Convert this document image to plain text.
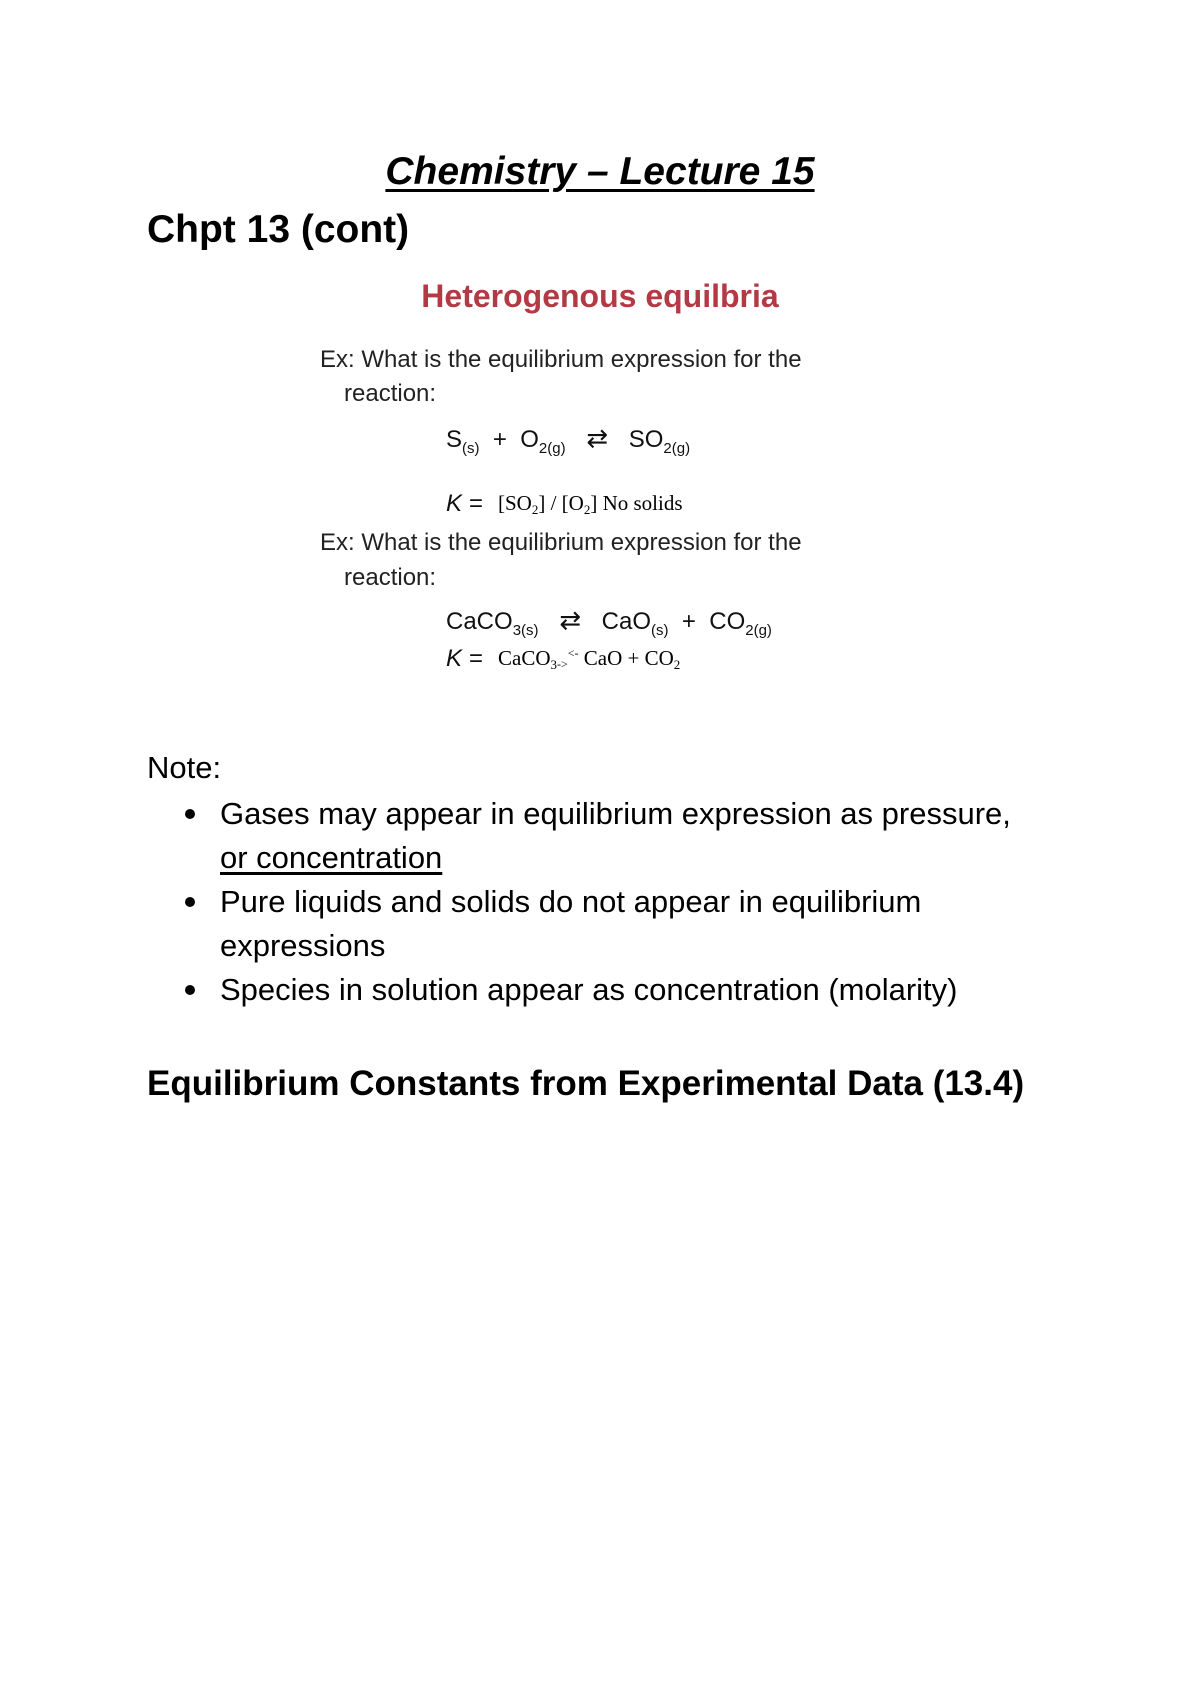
Chemistry – Lecture 15
Chpt 13 (cont)
Heterogenous equilbria
Ex: What is the equilibrium expression for the
reaction:
$S_{(s)} + O_{2(g)}$ ⇄ $SO_{2(g)}$
$K = [SO_2] / [O_2]$ No solids
Ex: What is the equilibrium expression for the
reaction:
CaCO$_{3(s)}$ ⇄ $CaO_{(s)} + CO_{2(g)}$
K = CaCO$_3$-><- CaO + $CO_2$
Note:
Gases may appear in equilibrium expression as pressure,
or concentration
Pure liquids and solids do not appear in equilibrium
expressions
Species in solution appear as concentration (molarity)
Equilibrium Constants from Experimental Data (13.4)
